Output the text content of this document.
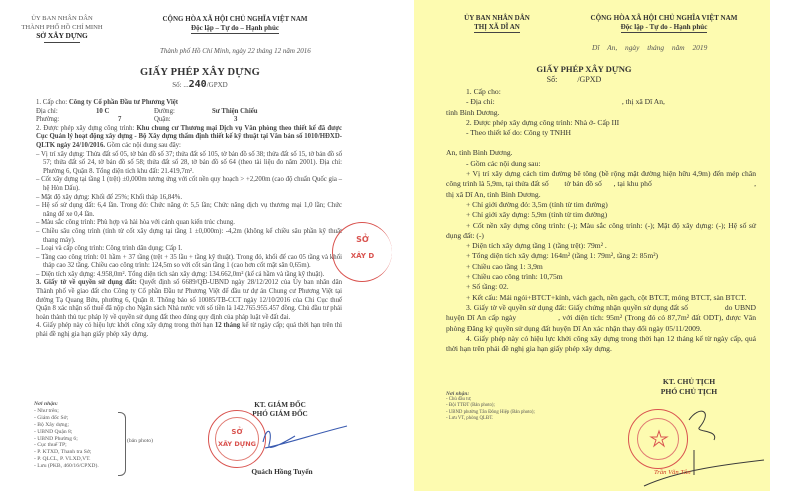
ỦY BAN NHÂN DÂN
THÀNH PHỐ HỒ CHÍ MINH
SỞ XÂY DỰNG
CỘNG HÒA XÃ HỘI CHỦ NGHĨA VIỆT NAM
Độc lập – Tự do – Hạnh phúc
Thành phố Hồ Chí Minh, ngày 22 tháng 12 năm 2016
GIẤY PHÉP XÂY DỰNG
Số: ...240/GPXD

1. Cấp cho: Công ty Cổ phần Đầu tư Phương Việt

Địa chỉ:	10 C	Đường:	Sư Thiện Chiếu
Phường:	7	Quận:	3

2. Được phép xây dựng công trình: Khu chung cư Thương mại Dịch vụ Văn phòng theo thiết kế đã được Cục Quản lý hoạt động xây dựng - Bộ Xây dựng thẩm định thiết kế kỹ thuật tại Văn bản số 1010/HĐXD-QLTK ngày 24/10/2016. Gồm các nội dung sau đây:

– Vị trí xây dựng: Thửa đất số 05, tờ bản đồ số 37; thửa đất số 105, tờ bản đồ số 38; thửa đất số 15, tờ bản đồ số 57; thửa đất số 24, tờ bản đồ số 58; thửa đất số 28, tờ bản đồ số 64 (theo tài liệu đo năm 2001). Địa chỉ: Phường 6, Quận 8. Tổng diện tích khu đất: 21.419,7m².

– Cốt xây dựng tại tầng 1 (trệt) ±0,000m tương ứng với cốt nền quy hoạch > +2,200m (cao độ chuẩn Quốc gia – hệ Hòn Dấu).

– Mật độ xây dựng: Khối đế 25%; Khối tháp 16,84%.

– Hệ số sử dụng đất: 6,4 lần. Trong đó: Chức năng ở: 5,5 lần; Chức năng dịch vụ thương mại 1,0 lần; Chức năng để xe 0,4 lần.

– Màu sắc công trình: Phù hợp và hài hòa với cảnh quan kiến trúc chung.

– Chiều sâu công trình (tính từ cốt xây dựng tại tầng 1 ±0,000m): -4,2m (không kể chiều sâu phần kỹ thuật thang máy).

– Loại và cấp công trình: Công trình dân dụng; Cấp I.

– Tầng cao công trình: 01 hầm + 37 tầng (trệt + 35 lầu + tầng kỹ thuật). Trong đó, khối đế cao 05 tầng và khối tháp cao 32 tầng. Chiều cao công trình: 124,5m so với cốt sàn tầng 1 (cao hơn cốt mặt sân 0,65m).

– Diện tích xây dựng: 4.958,0m². Tổng diện tích sàn xây dựng: 134.662,0m² (kể cả hầm và tầng kỹ thuật).

3. Giấy tờ về quyền sử dụng đất: Quyết định số 6689/QĐ-UBND ngày 28/12/2012 của Ủy ban nhân dân Thành phố về giao đất cho Công ty Cổ phần Đầu tư Phương Việt để đầu tư dự án Chung cư Phương Việt tại đường Tạ Quang Bửu, phường 6, Quận 8. Thông báo số 10085/TB-CCT ngày 12/10/2016 của Chi Cục thuế Quận 8 xác nhận số thuế đã nộp cho Ngân sách Nhà nước với số tiền là 142.765.955.457 đồng. Chủ đầu tư phải hoàn thành thủ tục pháp lý về quyền sử dụng đất theo đúng quy định của pháp luật về đất đai.

4. Giấy phép này có hiệu lực khởi công xây dựng trong thời hạn 12 tháng kể từ ngày cấp; quá thời hạn trên thì phải đề nghị gia hạn giấy phép xây dựng.

SỞ
XÂY D
Nơi nhận:
- Như trên;
- Giám đốc Sở;
- Bộ Xây dựng;
- UBND Quận 8;
- UBND Phường 6;
- Cục thuế TP;
- P. KTXD, Thanh tra Sở;
- P. QLCL, P. VLXD,VT.
- Lưu (PKB, 460/16/CPXD).
(bản photo)
KT. GIÁM ĐỐC
PHÓ GIÁM ĐỐC
SỞ
XÂY DỰNG
Quách Hồng Tuyển
ỦY BAN NHÂN DÂN
THỊ XÃ DĨ AN
CỘNG HÒA XÃ HỘI CHỦ NGHĨA VIỆT NAM
Độc lập - Tự do - Hạnh phúc
Dĩ An, ngày tháng năm 2019
GIẤY PHÉP XÂY DỰNG
Số:          /GPXD

1. Cấp cho:

- Địa chỉ:                                                                   , thị xã Dĩ An,

tỉnh Bình Dương.

2. Được phép xây dựng công trình: Nhà ở- Cấp III

- Theo thiết kế do: Công ty TNHH

An, tỉnh Bình Dương.

- Gồm các nội dung sau:

+ Vị trí xây dựng cách tim đường bê tông (bề rộng mặt đường hiện hữu 4,9m) đến mép chân công trình là 5,9m, tại thửa đất số        tờ bản đồ số      , tại khu phố                                                    , thị xã Dĩ An, tỉnh Bình Dương.

+ Chỉ giới đường đỏ: 3,5m (tính từ tim đường)

+ Chỉ giới xây dựng: 5,9m (tính từ tim đường)

+ Cốt nền xây dựng công trình: (-); Màu sắc công trình: (-); Mật độ xây dựng: (-); Hệ số sử dụng đất: (-)

+ Diện tích xây dựng tầng 1 (tầng trệt): 79m² .

+ Tổng diện tích xây dựng: 164m² (tầng 1: 79m², tầng 2: 85m²)

+ Chiều cao tầng 1: 3,9m

+ Chiều cao công trình: 10,75m

+ Số tầng: 02.

+ Kết cấu: Mái ngói+BTCT+kính, vách gạch, nền gạch, cột BTCT, móng BTCT, sàn BTCT.

3. Giấy tờ về quyền sử dụng đất: Giấy chứng nhận quyền sử dụng đất số                  do UBND huyện Dĩ An cấp ngày                 , với diện tích: 95m² (Trong đó có 87,7m² đất ODT), được Văn phòng Đăng ký quyền sử dụng đất huyện Dĩ An xác nhận thay đổi ngày 05/11/2009.

4. Giấy phép này có hiệu lực khởi công xây dựng trong thời hạn 12 tháng kể từ ngày cấp, quá thời hạn trên phải đề nghị gia hạn giấy phép xây dựng.

Nơi nhận:
- Chủ đầu tư;
- Đội TTĐT (Bản photo);
- UBND phường Tân Đông Hiệp (Bản photo);
- Lưu VT, phòng QLĐT.
KT. CHỦ TỊCH
PHÓ CHỦ TỊCH
Trần Văn Tân
